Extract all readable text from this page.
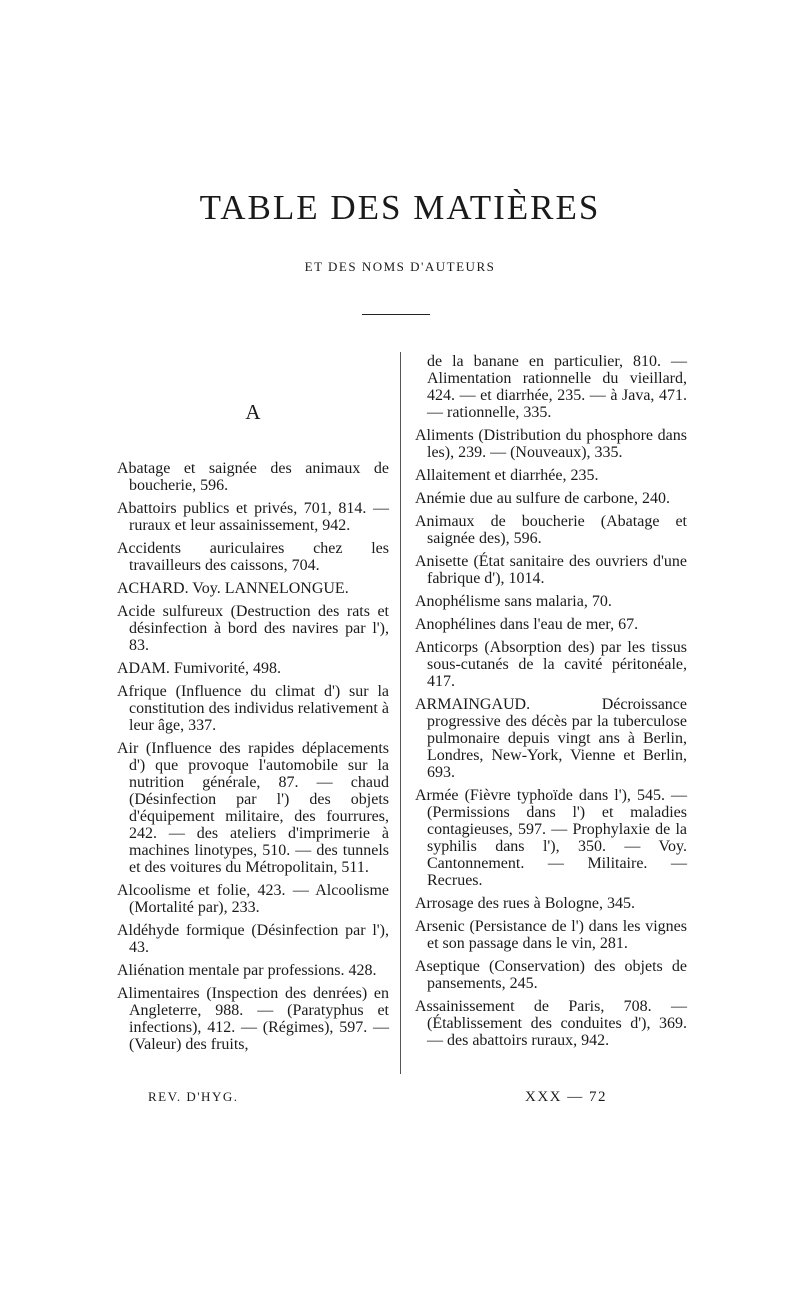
TABLE DES MATIÈRES
ET DES NOMS D'AUTEURS
A

Abatage et saignée des animaux de boucherie, 596.

Abattoirs publics et privés, 701, 814. — ruraux et leur assainissement, 942.

Accidents auriculaires chez les travailleurs des caissons, 704.

ACHARD. Voy. LANNELONGUE.

Acide sulfureux (Destruction des rats et désinfection à bord des navires par l'), 83.

ADAM. Fumivorité, 498.

Afrique (Influence du climat d') sur la constitution des individus relativement à leur âge, 337.

Air (Influence des rapides déplacements d') que provoque l'automobile sur la nutrition générale, 87. — chaud (Désinfection par l') des objets d'équipement militaire, des fourrures, 242. — des ateliers d'imprimerie à machines linotypes, 510. — des tunnels et des voitures du Métropolitain, 511.

Alcoolisme et folie, 423. — Alcoolisme (Mortalité par), 233.

Aldéhyde formique (Désinfection par l'), 43.

Aliénation mentale par professions. 428.

Alimentaires (Inspection des denrées) en Angleterre, 988. — (Paratyphus et infections), 412. — (Régimes), 597. — (Valeur) des fruits,

de la banane en particulier, 810. — Alimentation rationnelle du vieillard, 424. — et diarrhée, 235. — à Java, 471. — rationnelle, 335.

Aliments (Distribution du phosphore dans les), 239. — (Nouveaux), 335.

Allaitement et diarrhée, 235.

Anémie due au sulfure de carbone, 240.

Animaux de boucherie (Abatage et saignée des), 596.

Anisette (État sanitaire des ouvriers d'une fabrique d'), 1014.

Anophélisme sans malaria, 70.

Anophélines dans l'eau de mer, 67.

Anticorps (Absorption des) par les tissus sous-cutanés de la cavité péritonéale, 417.

ARMAINGAUD. Décroissance progressive des décès par la tuberculose pulmonaire depuis vingt ans à Berlin, Londres, New-York, Vienne et Berlin, 693.

Armée (Fièvre typhoïde dans l'), 545. — (Permissions dans l') et maladies contagieuses, 597. — Prophylaxie de la syphilis dans l'), 350. — Voy. Cantonnement. — Militaire. — Recrues.

Arrosage des rues à Bologne, 345.

Arsenic (Persistance de l') dans les vignes et son passage dans le vin, 281.

Aseptique (Conservation) des objets de pansements, 245.

Assainissement de Paris, 708. — (Établissement des conduites d'), 369. — des abattoirs ruraux, 942.

REV. D'HYG.	XXX — 72
